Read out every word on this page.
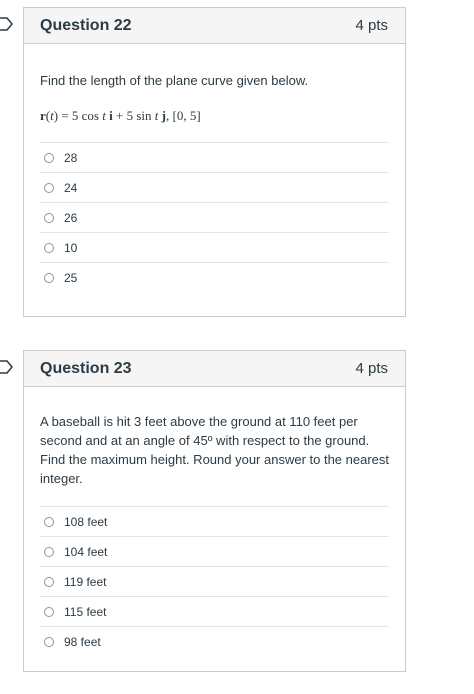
Question 22	4 pts
Find the length of the plane curve given below.
r(t) = 5 cos t i + 5 sin t j, [0, 5]
28
24
26
10
25
Question 23	4 pts
A baseball is hit 3 feet above the ground at 110 feet per second and at an angle of 45º with respect to the ground. Find the maximum height. Round your answer to the nearest integer.
108 feet
104 feet
119 feet
115 feet
98 feet
